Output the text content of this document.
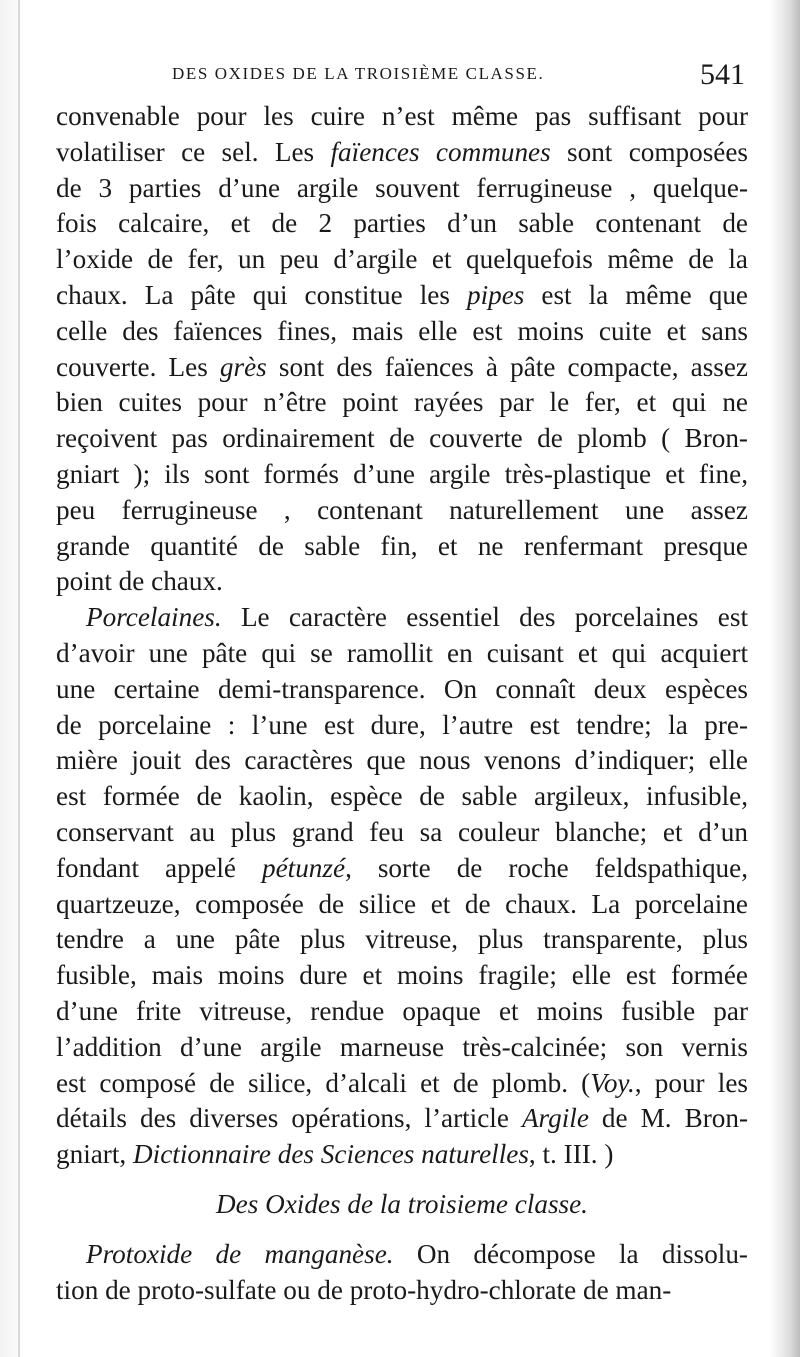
DES OXIDES DE LA TROISIÈME CLASSE.	541
convenable pour les cuire n’est même pas suffisant pour
volatiliser ce sel. Les faïences communes sont composées
de 3 parties d’une argile souvent ferrugineuse , quelque-
fois calcaire, et de 2 parties d’un sable contenant de
l’oxide de fer, un peu d’argile et quelquefois même de la
chaux. La pâte qui constitue les pipes est la même que
celle des faïences fines, mais elle est moins cuite et sans
couverte. Les grès sont des faïences à pâte compacte, assez
bien cuites pour n’être point rayées par le fer, et qui ne
reçoivent pas ordinairement de couverte de plomb ( Bron-
gniart ); ils sont formés d’une argile très-plastique et fine,
peu ferrugineuse , contenant naturellement une assez
grande quantité de sable fin, et ne renfermant presque
point de chaux.
Porcelaines. Le caractère essentiel des porcelaines est
d’avoir une pâte qui se ramollit en cuisant et qui acquiert
une certaine demi-transparence. On connaît deux espèces
de porcelaine : l’une est dure, l’autre est tendre; la pre-
mière jouit des caractères que nous venons d’indiquer; elle
est formée de kaolin, espèce de sable argileux, infusible,
conservant au plus grand feu sa couleur blanche; et d’un
fondant appelé pétunzé, sorte de roche feldspathique,
quartzeuze, composée de silice et de chaux. La porcelaine
tendre a une pâte plus vitreuse, plus transparente, plus
fusible, mais moins dure et moins fragile; elle est formée
d’une frite vitreuse, rendue opaque et moins fusible par
l’addition d’une argile marneuse très-calcinée; son vernis
est composé de silice, d’alcali et de plomb. (Voy., pour les
détails des diverses opérations, l’article Argile de M. Bron-
gniart, Dictionnaire des Sciences naturelles, t. III. )
Des Oxides de la troisieme classe.
Protoxide de manganèse. On décompose la dissolu-
tion de proto-sulfate ou de proto-hydro-chlorate de man-
